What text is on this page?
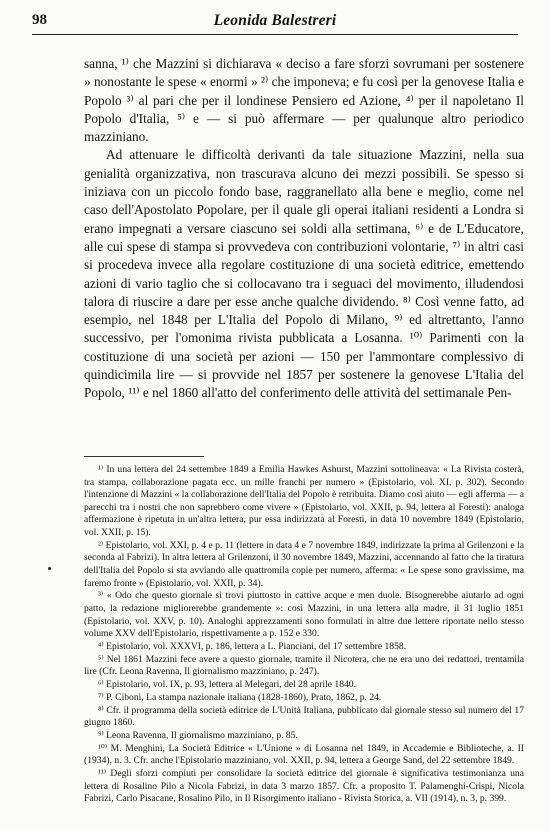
98	Leonida Balestreri

sanna, ¹⁾ che Mazzini si dichiarava « deciso a fare sforzi sovrumani per sostenere » nonostante le spese « enormi » ²⁾ che imponeva; e fu così per la genovese Italia e Popolo ³⁾ al pari che per il londinese Pensiero ed Azione, ⁴⁾ per il napoletano Il Popolo d'Italia, ⁵⁾ e — si può affermare — per qualunque altro periodico mazziniano.

Ad attenuare le difficoltà derivanti da tale situazione Mazzini, nella sua genialità organizzativa, non trascurava alcuno dei mezzi possibili. Se spesso si iniziava con un piccolo fondo base, raggranellato alla bene e meglio, come nel caso dell'Apostolato Popolare, per il quale gli operai italiani residenti a Londra si erano impegnati a versare ciascuno sei soldi alla settimana, ⁶⁾ e de L'Educatore, alle cui spese di stampa si provvedeva con contribuzioni volontarie, ⁷⁾ in altri casi si procedeva invece alla regolare costituzione di una società editrice, emettendo azioni di vario taglio che si collocavano tra i seguaci del movimento, illudendosi talora di riuscire a dare per esse anche qualche dividendo. ⁸⁾ Così venne fatto, ad esempio, nel 1848 per L'Italia del Popolo di Milano, ⁹⁾ ed altrettanto, l'anno successivo, per l'omonima rivista pubblicata a Losanna. ¹⁰⁾ Parimenti con la costituzione di una società per azioni — 150 per l'ammontare complessivo di quindicimila lire — si provvide nel 1857 per sostenere la genovese L'Italia del Popolo, ¹¹⁾ e nel 1860 all'atto del conferimento delle attività del settimanale Pen-

¹⁾ In una lettera del 24 settembre 1849 a Emilia Hawkes Ashurst, Mazzini sottolineava: « La Rivista costerà, tra stampa, collaborazione pagata ecc. un mille franchi per numero » (Epistolario, vol. XI, p. 302). Secondo l'intenzione di Mazzini « la collaborazione dell'Italia del Popolo è retribuita. Diamo così aiuto — egli afferma — a parecchi tra i nostri che non saprebbero come vivere » (Epistolario, vol. XXII, p. 94, lettera al Foresti): analoga affermazione è ripetuta in un'altra lettera, pur essa indirizzata al Foresti, in data 10 novembre 1849 (Epistolario, vol. XXII, p. 15).

²⁾ Epistolario, vol. XXI, p. 4 e p. 11 (lettere in data 4 e 7 novembre 1849, indirizzate la prima al Grilenzoni e la seconda al Fabrizi). In altra lettera al Grilenzoni, il 30 novembre 1849, Mazzini, accennando al fatto che la tiratura dell'Italia del Popolo si sta avviando alle quattromila copie per numero, afferma: « Le spese sono gravissime, ma faremo fronte » (Epistolario, vol. XXII, p. 34).

³⁾ « Odo che questo giornale si trovi piuttosto in cattive acque e men duole. Bisognerebbe aiutarlo ad ogni patto, la redazione migliorerebbe grandemente »: così Mazzini, in una lettera alla madre, il 31 luglio 1851 (Epistolario, vol. XXV, p. 10). Analoghi apprezzamenti sono formulati in altre due lettere riportate nello stesso volume XXV dell'Epistolario, rispettivamente a p. 152 e 330.

⁴⁾ Epistolario, vol. XXXVI, p. 186, lettera a L. Pianciani, del 17 settembre 1858.

⁵⁾ Nel 1861 Mazzini fece avere a questo giornale, tramite il Nicotera, che ne era uno dei redattori, trentamila lire (Cfr. Leona Ravenna, Il giornalismo mazziniano, p. 247).

⁶⁾ Epistolario, vol. IX, p. 93, lettera al Melegari, del 28 aprile 1840.

⁷⁾ P. Ciboni, La stampa nazionale italiana (1828-1860), Prato, 1862, p. 24.

⁸⁾ Cfr. il programma della società editrice de L'Unità Italiana, pubblicato dal giornale stesso sul numero del 17 giugno 1860.

⁹⁾ Leona Ravenna, Il giornalismo mazziniano, p. 85.

¹⁰⁾ M. Menghini, La Società Editrice « L'Unione » di Losanna nel 1849, in Accademie e Biblioteche, a. II (1934), n. 3. Cfr. anche l'Epistolario mazziniano, vol. XXII, p. 94, lettera a George Sand, del 22 settembre 1849.

¹¹⁾ Degli sforzi compiuti per consolidare la società editrice del giornale è significativa testimonianza una lettera di Rosalino Pilo a Nicola Fabrizi, in data 3 marzo 1857. Cfr. a proposito T. Palamenghi-Crispi, Nicola Fabrizi, Carlo Pisacane, Rosalino Pilo, in Il Risorgimento italiano - Rivista Storica, a. VII (1914), n. 3, p. 399.
